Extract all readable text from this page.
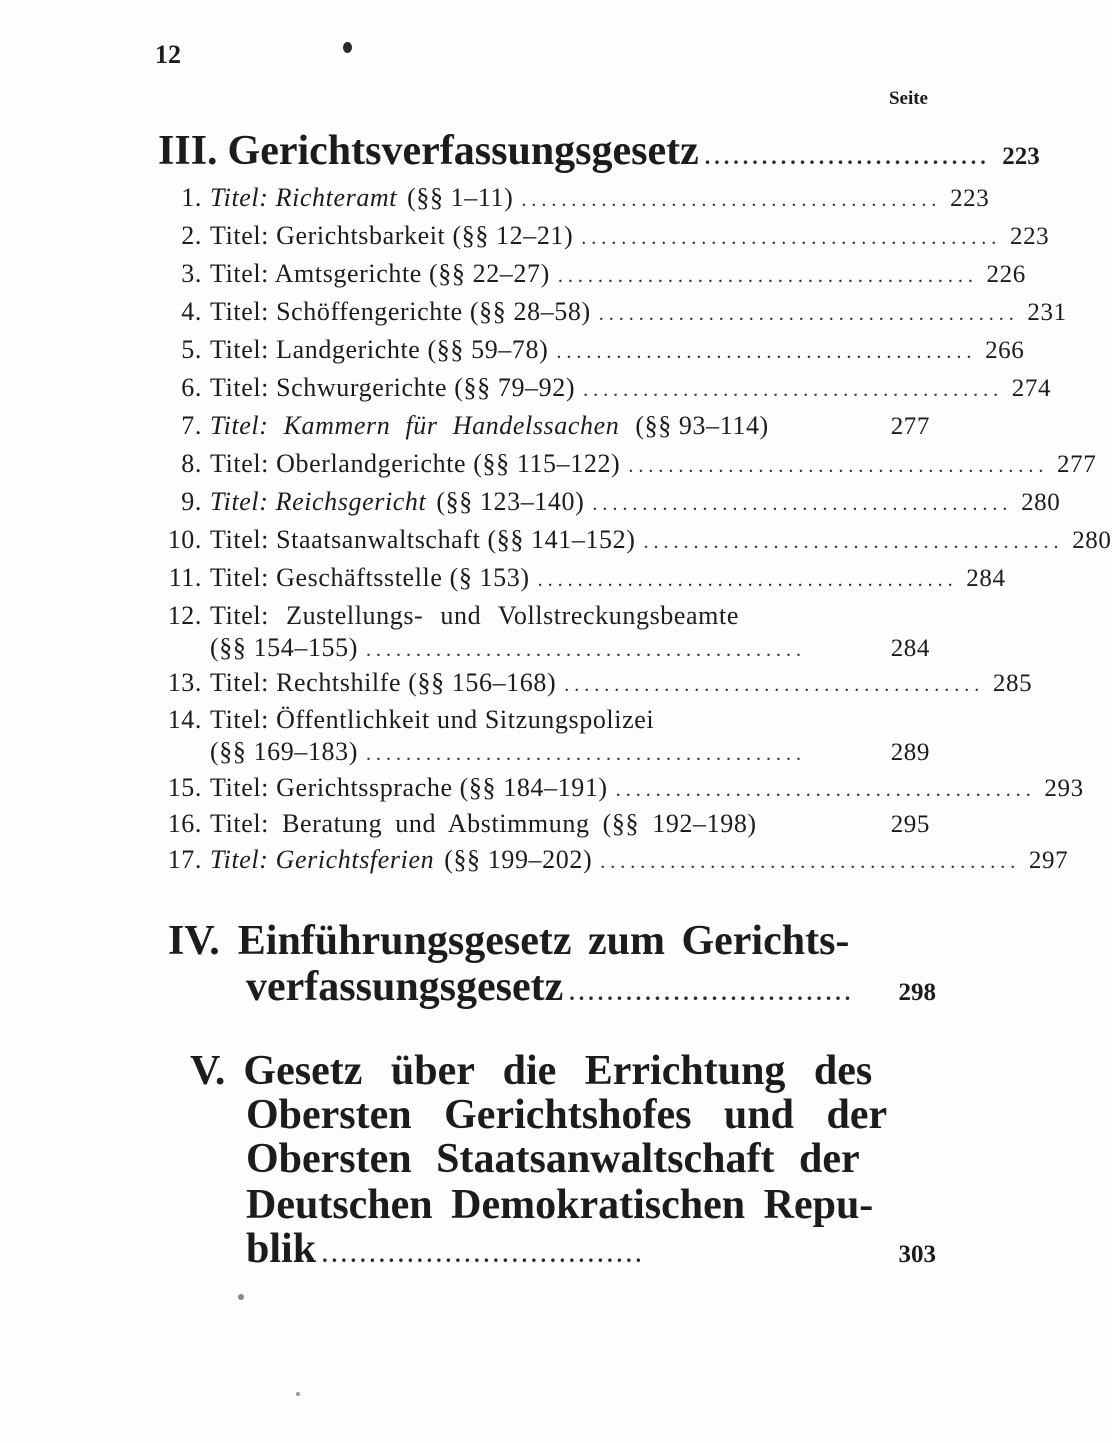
12
Seite
III. Gerichtsverfassungsgesetz .............................. 223
1. Titel: Richteramt (§§ 1–11) .......................................... 223
2. Titel: Gerichtsbarkeit (§§ 12–21) .......................................... 223
3. Titel: Amtsgerichte (§§ 22–27) .......................................... 226
4. Titel: Schöffengerichte (§§ 28–58) .......................................... 231
5. Titel: Landgerichte (§§ 59–78) .......................................... 266
6. Titel: Schwurgerichte (§§ 79–92) .......................................... 274
7. Titel: Kammern für Handelssachen (§§ 93–114)	277
8. Titel: Oberlandgerichte (§§ 115–122) .......................................... 277
9. Titel: Reichsgericht (§§ 123–140) .......................................... 280
10. Titel: Staatsanwaltschaft (§§ 141–152) .......................................... 280
11. Titel: Geschäftsstelle (§ 153) .......................................... 284
12. Titel: Zustellungs- und Vollstreckungsbeamte
(§§ 154–155) ............................................	284
13. Titel: Rechtshilfe (§§ 156–168) .......................................... 285
14. Titel: Öffentlichkeit und Sitzungspolizei
(§§ 169–183) ............................................	289
15. Titel: Gerichtssprache (§§ 184–191) .......................................... 293
16. Titel: Beratung und Abstimmung (§§ 192–198)	295
17. Titel: Gerichtsferien (§§ 199–202) .......................................... 297
IV. Einführungsgesetz zum Gerichts-
verfassungsgesetz ..............................	298
V. Gesetz über die Errichtung des
Obersten Gerichtshofes und der
Obersten Staatsanwaltschaft der
Deutschen Demokratischen Repu-
blik ..................................	303
